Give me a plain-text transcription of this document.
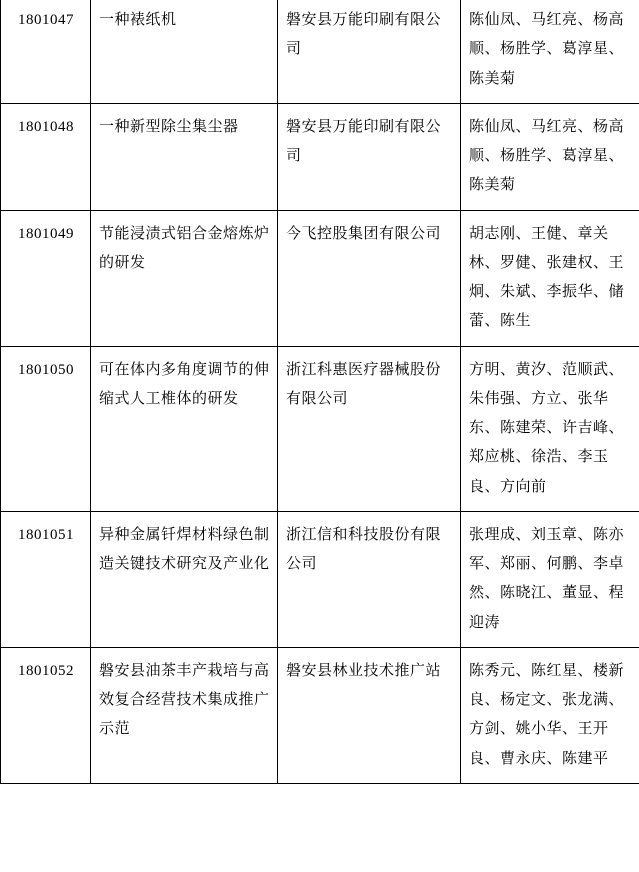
1801047	一种裱纸机	磐安县万能印刷有限公司	陈仙凤、马红亮、杨高顺、杨胜学、葛淳星、陈美菊
1801048	一种新型除尘集尘器	磐安县万能印刷有限公司	陈仙凤、马红亮、杨高顺、杨胜学、葛淳星、陈美菊
1801049	节能浸渍式铝合金熔炼炉的研发	今飞控股集团有限公司	胡志刚、王健、章关林、罗健、张建权、王炯、朱斌、李振华、储蕾、陈生
1801050	可在体内多角度调节的伸缩式人工椎体的研发	浙江科惠医疗器械股份有限公司	方明、黄汐、范顺武、朱伟强、方立、张华东、陈建荣、许吉峰、郑应桃、徐浩、李玉良、方向前
1801051	异种金属钎焊材料绿色制造关键技术研究及产业化	浙江信和科技股份有限公司	张理成、刘玉章、陈亦军、郑丽、何鹏、李卓然、陈晓江、董显、程迎涛
1801052	磐安县油茶丰产栽培与高效复合经营技术集成推广示范	磐安县林业技术推广站	陈秀元、陈红星、楼新良、杨定文、张龙满、方剑、姚小华、王开良、曹永庆、陈建平
